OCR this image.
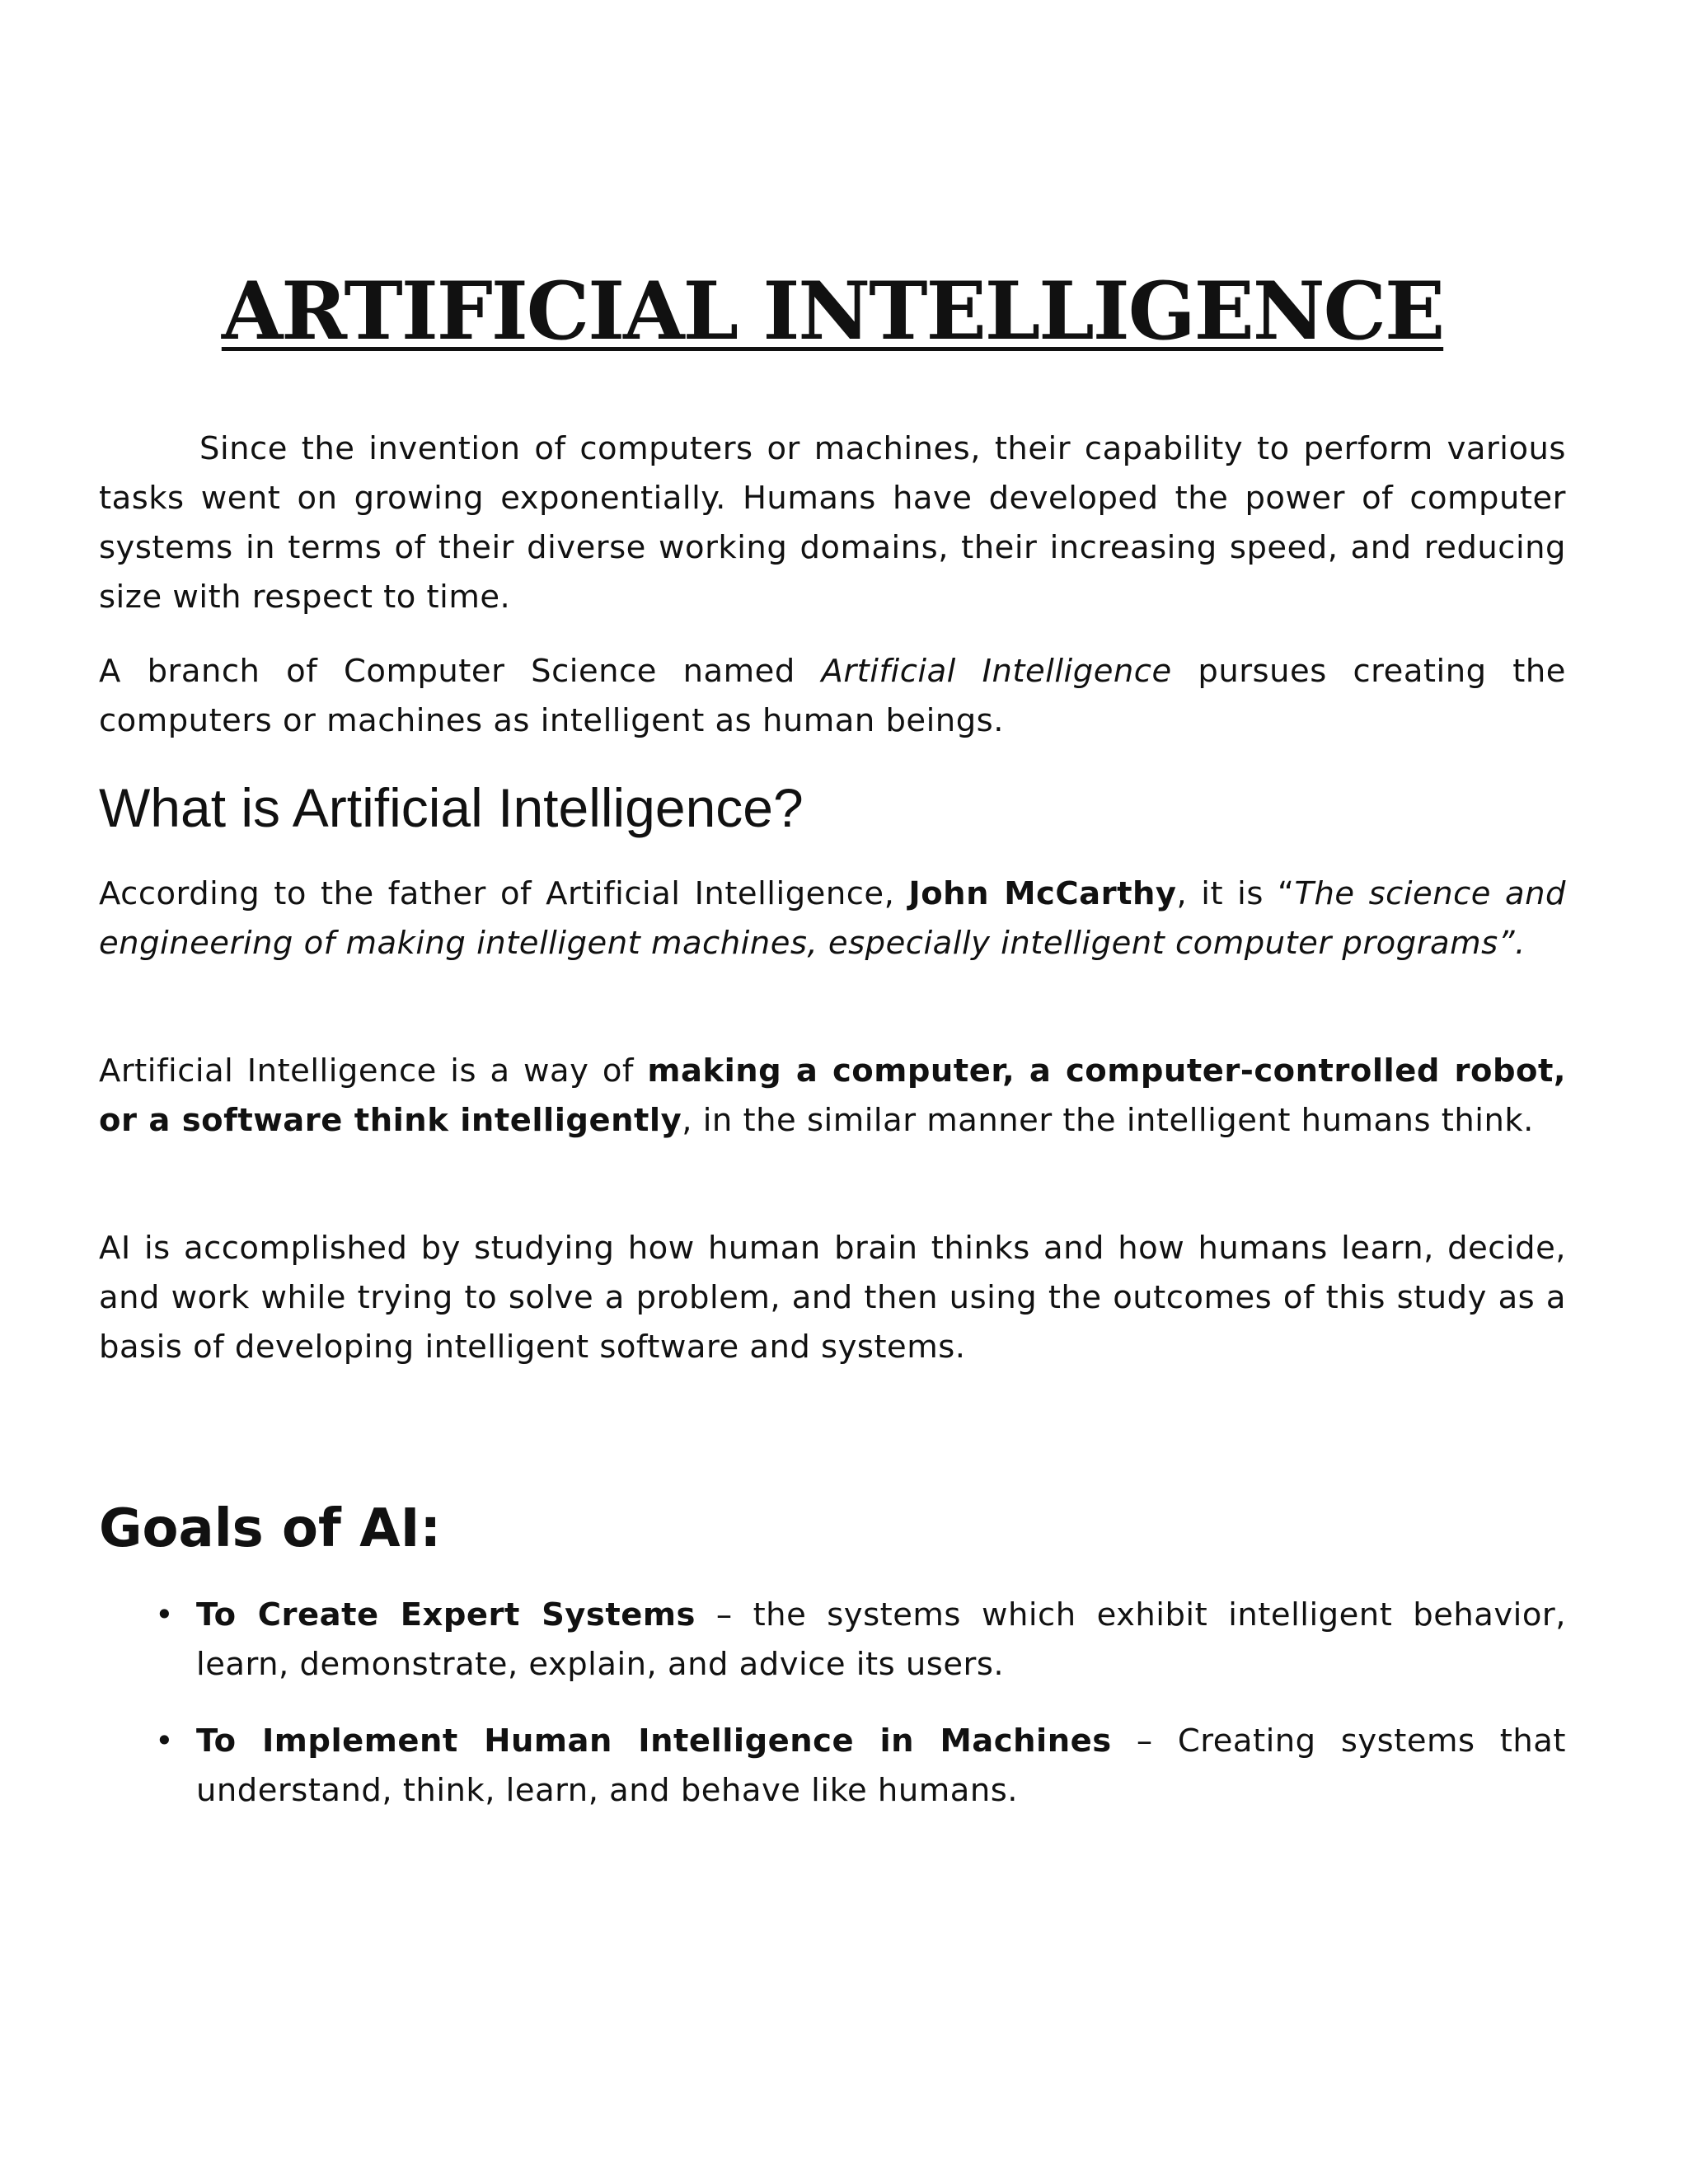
ARTIFICIAL INTELLIGENCE

Since the invention of computers or machines, their capability to perform various tasks went on growing exponentially. Humans have developed the power of computer systems in terms of their diverse working domains, their increasing speed, and reducing size with respect to time.

A branch of Computer Science named Artificial Intelligence pursues creating the computers or machines as intelligent as human beings.

What is Artificial Intelligence?

According to the father of Artificial Intelligence, John McCarthy, it is “The science and engineering of making intelligent machines, especially intelligent computer programs”.

Artificial Intelligence is a way of making a computer, a computer-controlled robot, or a software think intelligently, in the similar manner the intelligent humans think.

AI is accomplished by studying how human brain thinks and how humans learn, decide, and work while trying to solve a problem, and then using the outcomes of this study as a basis of developing intelligent software and systems.

Goals of AI:
• To Create Expert Systems – the systems which exhibit intelligent behavior, learn, demonstrate, explain, and advice its users.

• To Implement Human Intelligence in Machines – Creating systems that understand, think, learn, and behave like humans.
